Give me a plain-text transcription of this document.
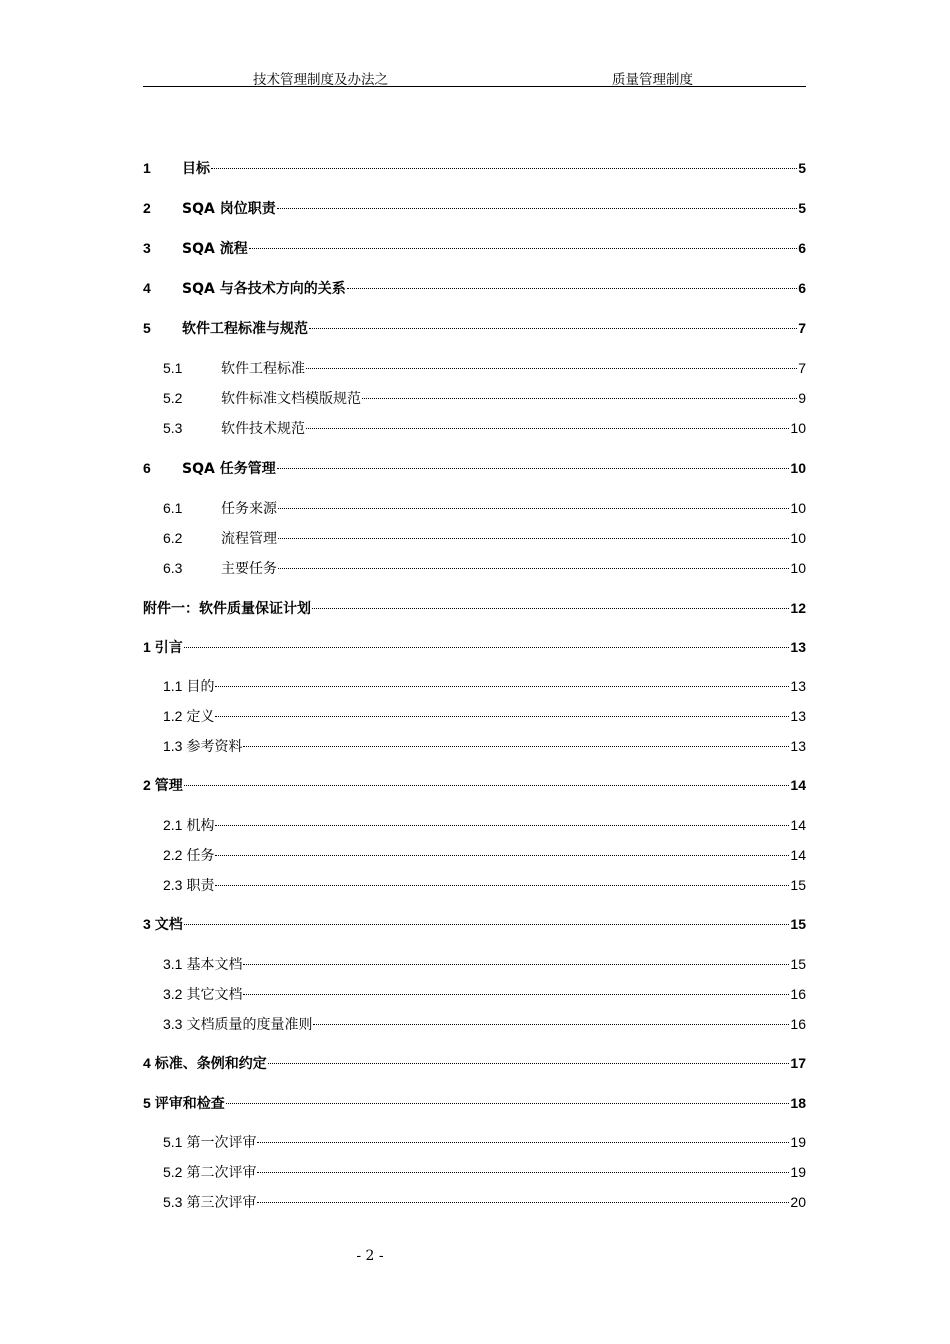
技术管理制度及办法之	质量管理制度
1	目标	5
2	SQA 岗位职责	5
3	SQA 流程	6
4	SQA 与各技术方向的关系	6
5	软件工程标准与规范	7
5.1	软件工程标准	7
5.2	软件标准文档模版规范	9
5.3	软件技术规范	10
6	SQA 任务管理	10
6.1	任务来源	10
6.2	流程管理	10
6.3	主要任务	10
附件一：软件质量保证计划	12
1 引言	13
1.1 目的	13
1.2 定义	13
1.3 参考资料	13
2 管理	14
2.1 机构	14
2.2 任务	14
2.3 职责	15
3 文档	15
3.1 基本文档	15
3.2 其它文档	16
3.3 文档质量的度量准则	16
4 标准、条例和约定	17
5 评审和检查	18
5.1 第一次评审	19
5.2 第二次评审	19
5.3 第三次评审	20
- 2 -
